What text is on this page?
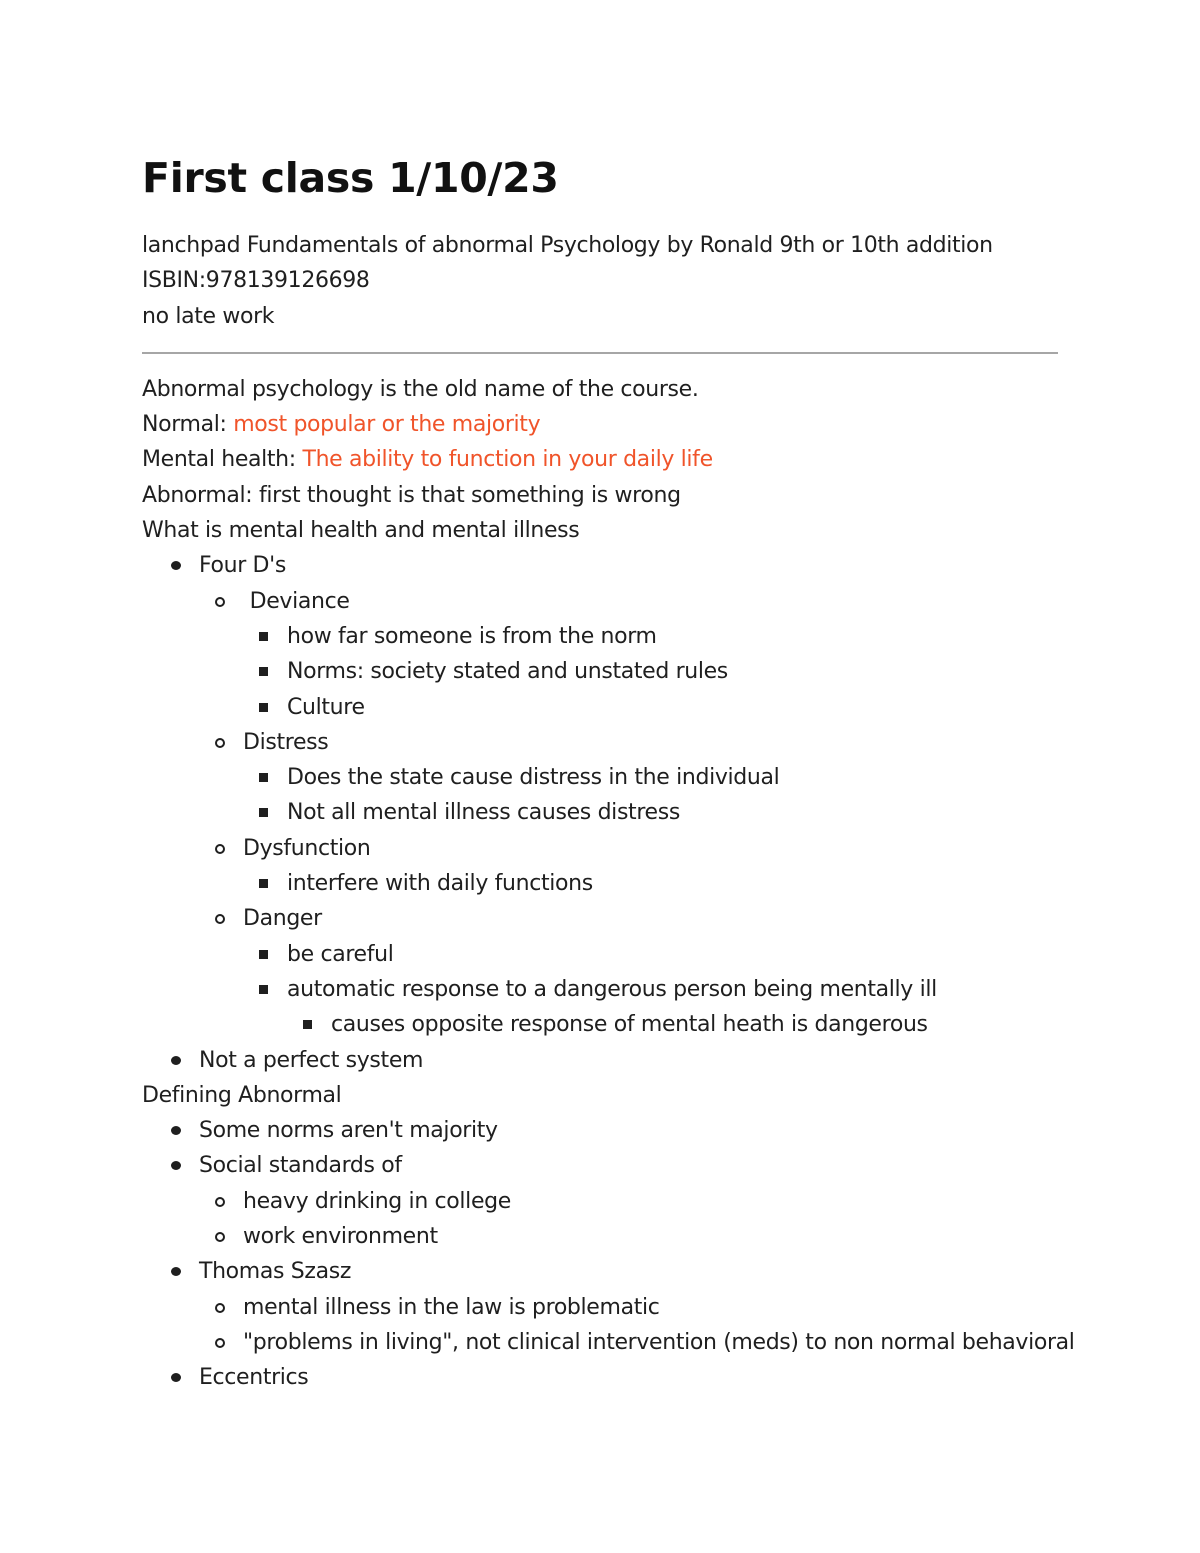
First class 1/10/23
lanchpad Fundamentals of abnormal Psychology by Ronald 9th or 10th addition
ISBIN:978139126698
no late work
Abnormal psychology is the old name of the course.
Normal: most popular or the majority
Mental health: The ability to function in your daily life
Abnormal: first thought is that something is wrong
What is mental health and mental illness
Four D's
Deviance
how far someone is from the norm
Norms: society stated and unstated rules
Culture
Distress
Does the state cause distress in the individual
Not all mental illness causes distress
Dysfunction
interfere with daily functions
Danger
be careful
automatic response to a dangerous person being mentally ill
causes opposite response of mental heath is dangerous
Not a perfect system
Defining Abnormal
Some norms aren't majority
Social standards of
heavy drinking in college
work environment
Thomas Szasz
mental illness in the law is problematic
"problems in living", not clinical intervention (meds) to non normal behavioral
Eccentrics
